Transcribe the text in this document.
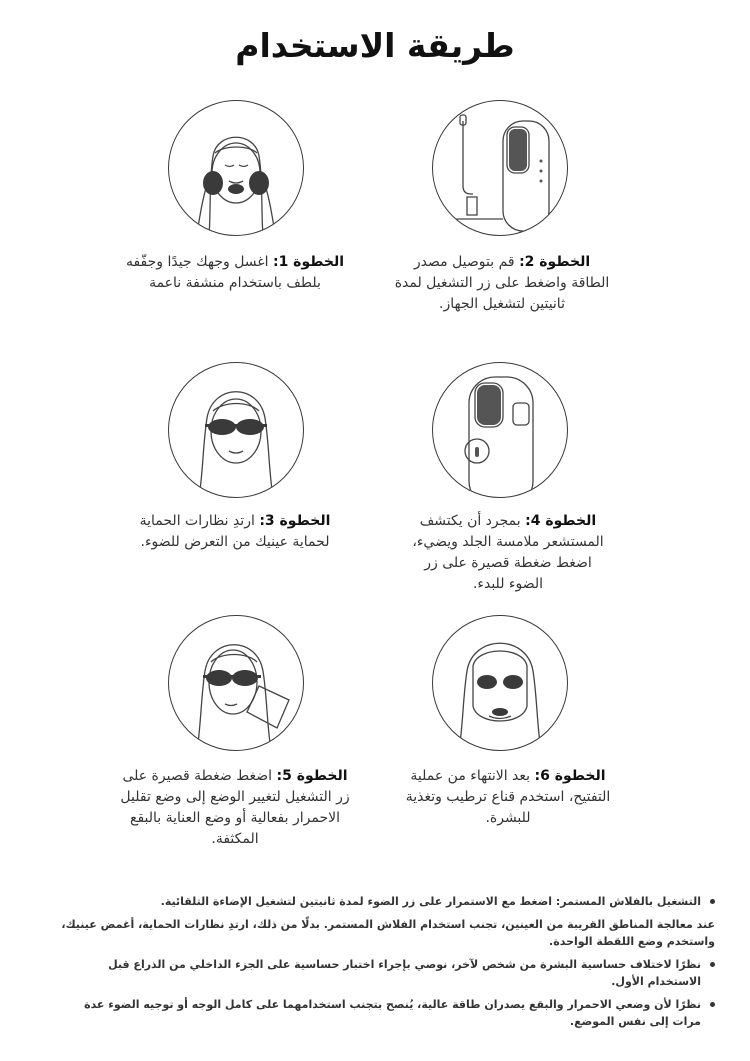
طريقة الاستخدام
الخطوة 1: اغسل وجهك جيدًا وجفّفه بلطف باستخدام منشفة ناعمة
الخطوة 2: قم بتوصيل مصدر الطاقة واضغط على زر التشغيل لمدة ثانيتين لتشغيل الجهاز.
الخطوة 3: ارتدِ نظارات الحماية لحماية عينيك من التعرض للضوء.
الخطوة 4: بمجرد أن يكتشف المستشعر ملامسة الجلد ويضيء، اضغط ضغطة قصيرة على زر الضوء للبدء.
الخطوة 5: اضغط ضغطة قصيرة على زر التشغيل لتغيير الوضع إلى وضع تقليل الاحمرار بفعالية أو وضع العناية بالبقع المكثفة.
الخطوة 6: بعد الانتهاء من عملية التفتيح، استخدم قناع ترطيب وتغذية للبشرة.
التشغيل بالفلاش المستمر: اضغط مع الاستمرار على زر الضوء لمدة ثانيتين لتشغيل الإضاءة التلقائية.
عند معالجة المناطق القريبة من العينين، تجنب استخدام الفلاش المستمر. بدلًا من ذلك، ارتدِ نظارات الحماية، أغمض عينيك، واستخدم وضع اللقطة الواحدة.
نظرًا لاختلاف حساسية البشرة من شخص لآخر، نوصي بإجراء اختبار حساسية على الجزء الداخلي من الذراع قبل الاستخدام الأول.
نظرًا لأن وضعي الاحمرار والبقع يصدران طاقة عالية، يُنصح بتجنب استخدامهما على كامل الوجه أو توجيه الضوء عدة مرات إلى نفس الموضع.
